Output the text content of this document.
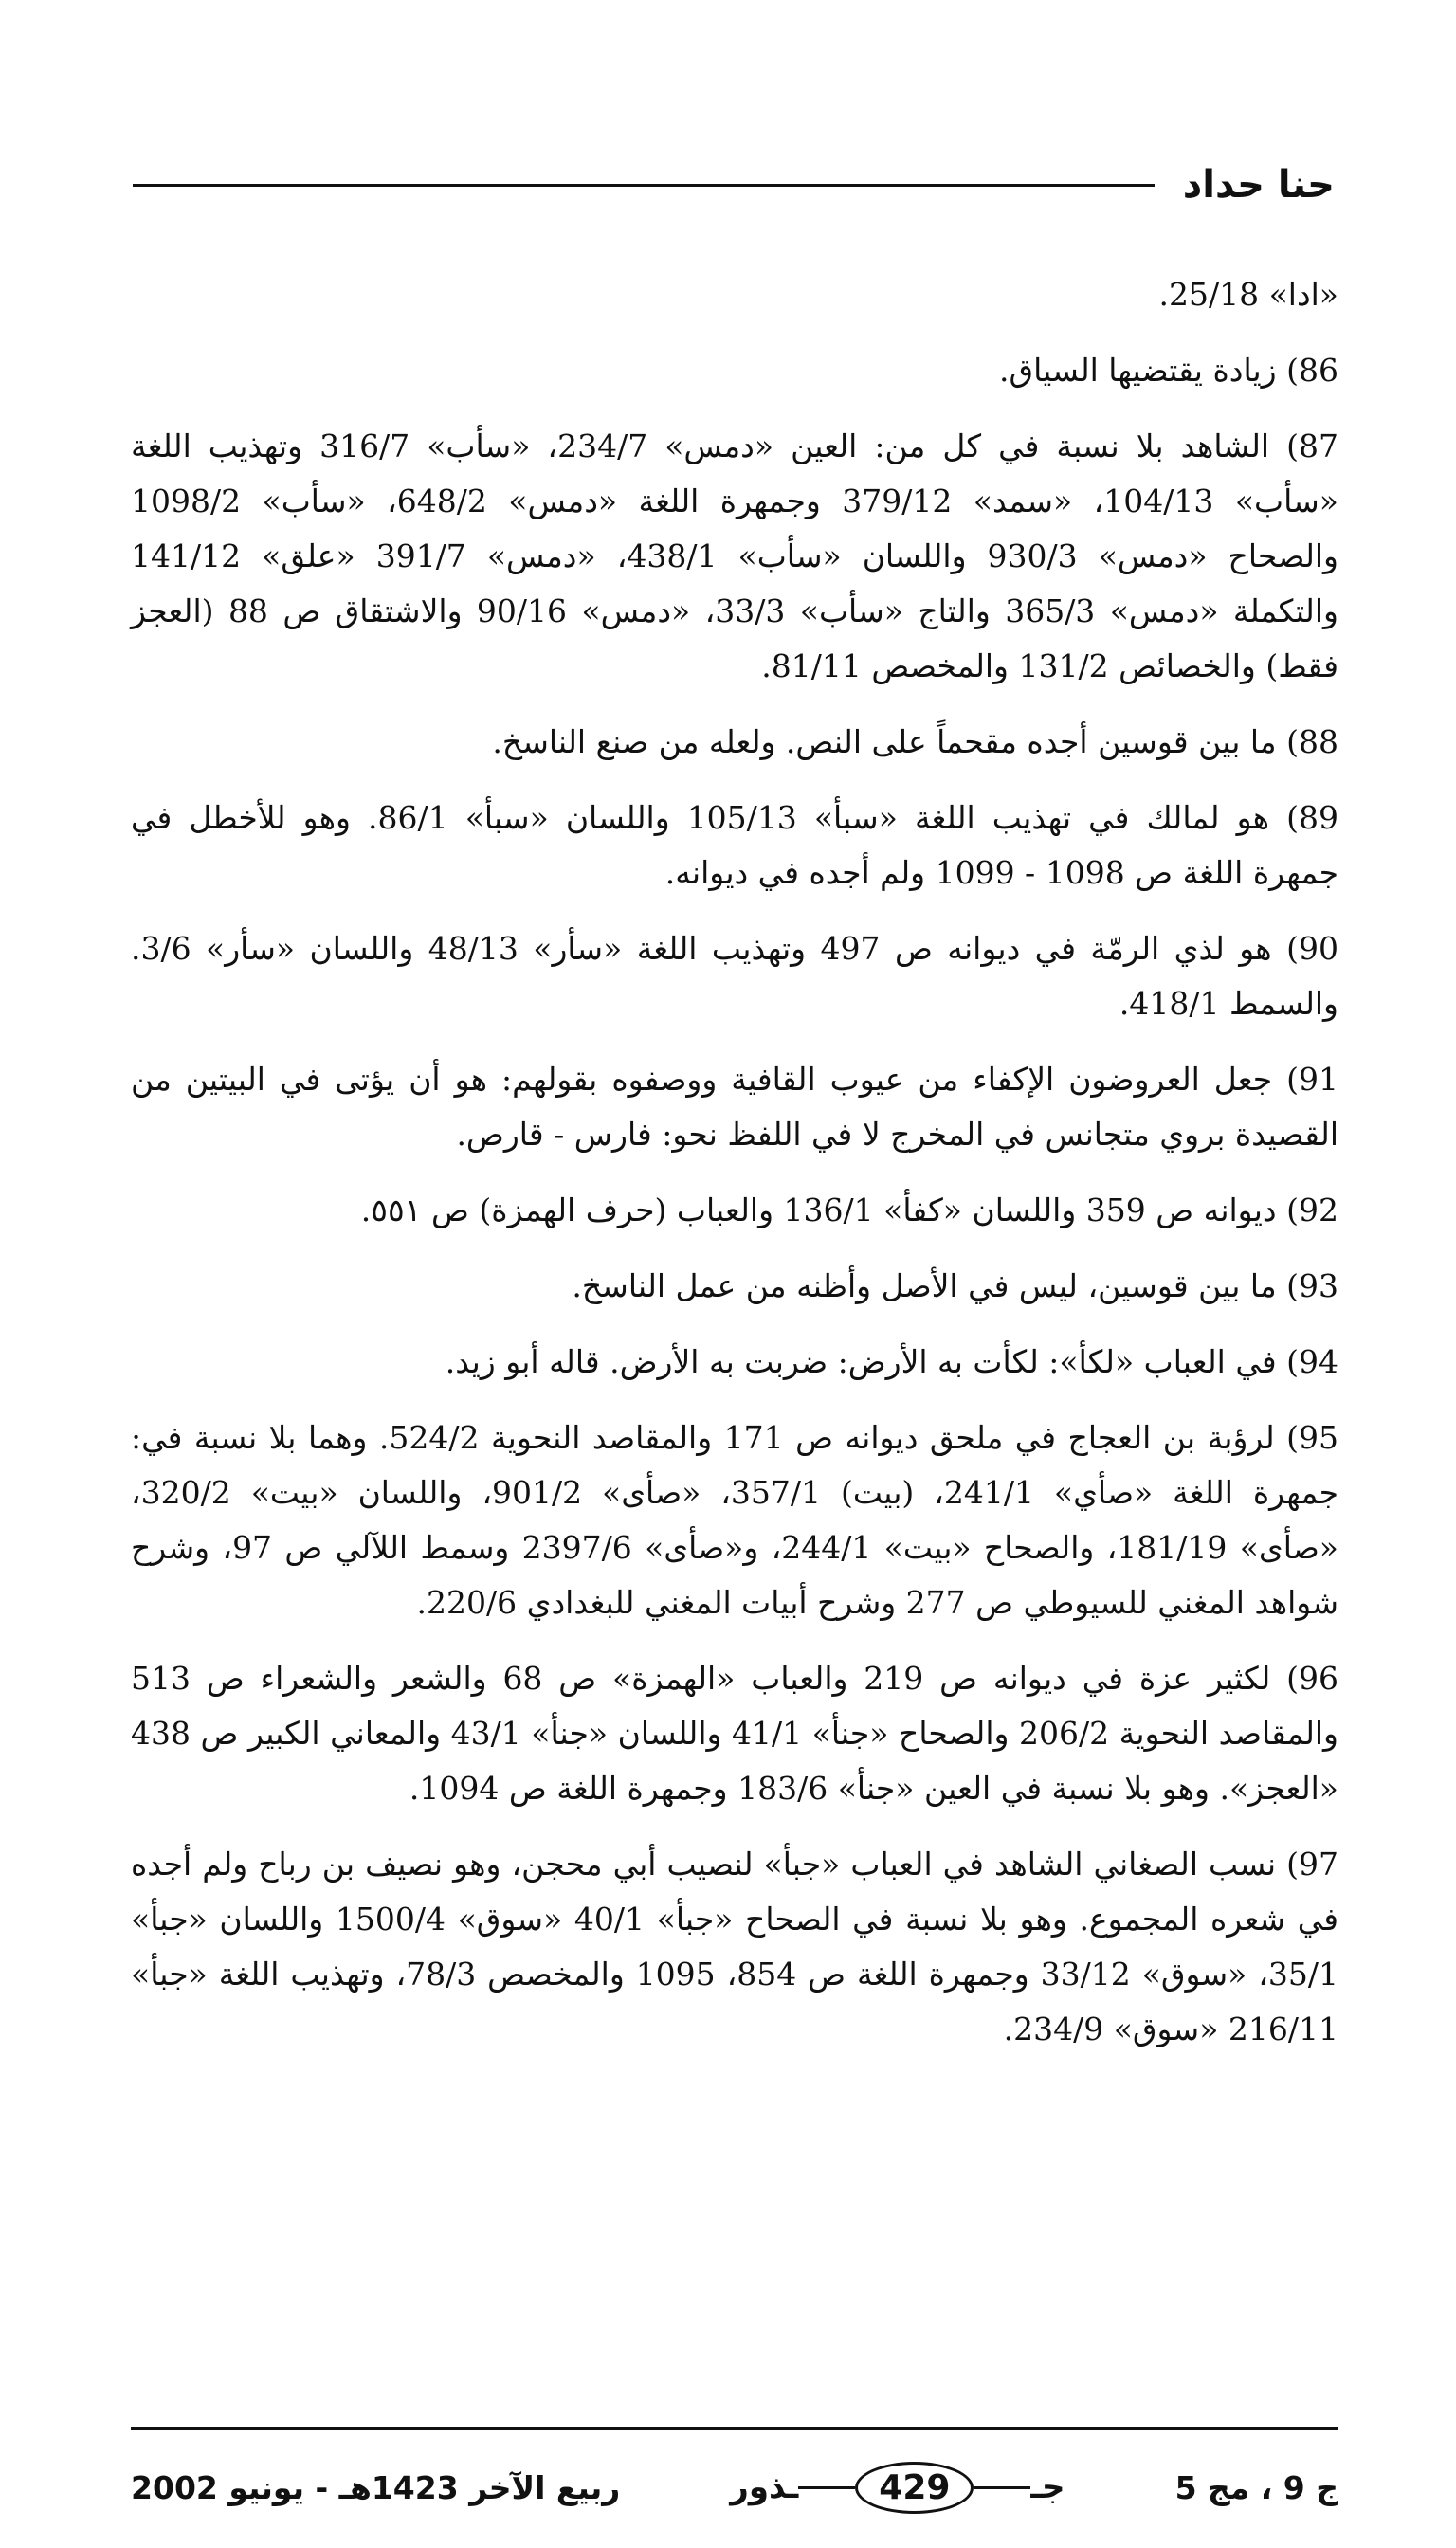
حنا حداد

«ادا» 25/18.

86) زيادة يقتضيها السياق.

87) الشاهد بلا نسبة في كل من: العين «دمس» 234/7، «سأب» 316/7 وتهذيب اللغة «سأب» 104/13، «سمد» 379/12 وجمهرة اللغة «دمس» 648/2، «سأب» 1098/2 والصحاح «دمس» 930/3 واللسان «سأب» 438/1، «دمس» 391/7 «علق» 141/12 والتكملة «دمس» 365/3 والتاج «سأب» 33/3، «دمس» 90/16 والاشتقاق ص 88 (العجز فقط) والخصائص 131/2 والمخصص 81/11.

88) ما بين قوسين أجده مقحماً على النص. ولعله من صنع الناسخ.

89) هو لمالك في تهذيب اللغة «سبأ» 105/13 واللسان «سبأ» 86/1. وهو للأخطل في جمهرة اللغة ص 1098 - 1099 ولم أجده في ديوانه.

90) هو لذي الرمّة في ديوانه ص 497 وتهذيب اللغة «سأر» 48/13 واللسان «سأر» 3/6. والسمط 418/1.

91) جعل العروضون الإكفاء من عيوب القافية ووصفوه بقولهم: هو أن يؤتى في البيتين من القصيدة بروي متجانس في المخرج لا في اللفظ نحو: فارس - قارص.

92) ديوانه ص 359 واللسان «كفأ» 136/1 والعباب (حرف الهمزة) ص ٥٥١.

93) ما بين قوسين، ليس في الأصل وأظنه من عمل الناسخ.

94) في العباب «لكأ»: لكأت به الأرض: ضربت به الأرض. قاله أبو زيد.

95) لرؤبة بن العجاج في ملحق ديوانه ص 171 والمقاصد النحوية 524/2. وهما بلا نسبة في: جمهرة اللغة «صأي» 241/1، (بيت) 357/1، «صأى» 901/2، واللسان «بيت» 320/2، «صأى» 181/19، والصحاح «بيت» 244/1، و«صأى» 2397/6 وسمط اللآلي ص 97، وشرح شواهد المغني للسيوطي ص 277 وشرح أبيات المغني للبغدادي 220/6.

96) لكثير عزة في ديوانه ص 219 والعباب «الهمزة» ص 68 والشعر والشعراء ص 513 والمقاصد النحوية 206/2 والصحاح «جنأ» 41/1 واللسان «جنأ» 43/1 والمعاني الكبير ص 438 «العجز». وهو بلا نسبة في العين «جنأ» 183/6 وجمهرة اللغة ص 1094.

97) نسب الصغاني الشاهد في العباب «جبأ» لنصيب أبي محجن، وهو نصيف بن رباح ولم أجده في شعره المجموع. وهو بلا نسبة في الصحاح «جبأ» 40/1 «سوق» 1500/4 واللسان «جبأ» 35/1، «سوق» 33/12 وجمهرة اللغة ص 854، 1095 والمخصص 78/3، وتهذيب اللغة «جبأ» 216/11 «سوق» 234/9.

ج 9 ، مج 5
جـ
429
ـذور
ربيع الآخر 1423هـ - يونيو 2002
